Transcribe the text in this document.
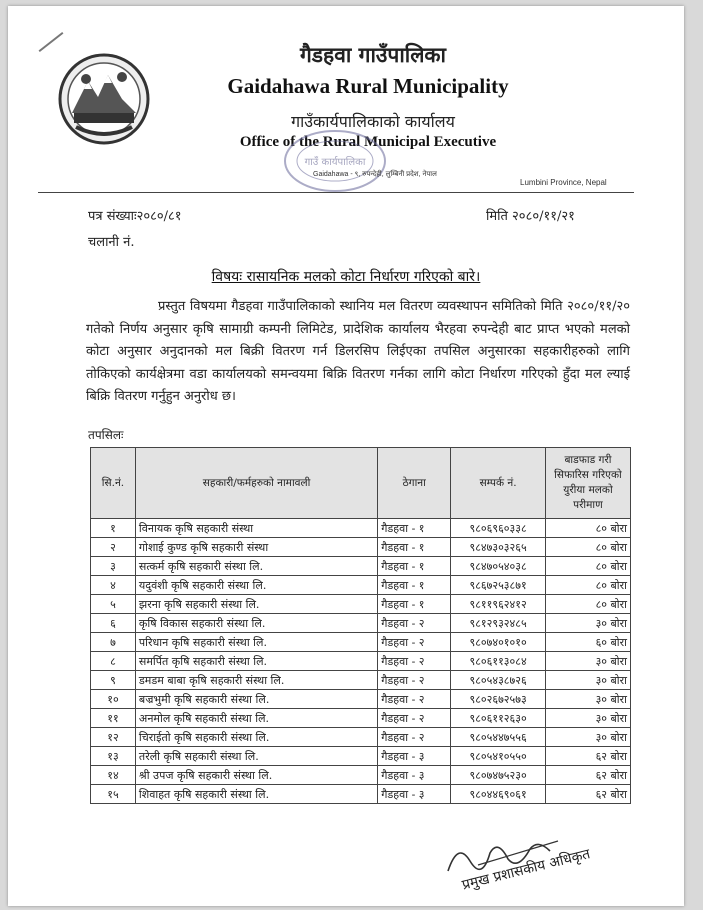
गैडहवा गाउँपालिका
Gaidahawa Rural Municipality
गाउँकार्यपालिकाको कार्यालय
Office of the Rural Municipal Executive
गाउँ कार्यपालिका
Gaidahawa - ९, रुपन्देही, लुम्बिनी प्रदेश, नेपाल
Lumbini Province, Nepal
पत्र संख्याः२०८०/८१
चलानी नं.
मिति २०८०/११/२१
विषयः रासायनिक मलको कोटा निर्धारण गरिएको बारे।
प्रस्तुत विषयमा गैडहवा गाउँपालिकाको स्थानिय मल वितरण व्यवस्थापन समितिको मिति २०८०/११/२० गतेको निर्णय अनुसार कृषि सामाग्री कम्पनी लिमिटेड, प्रादेशिक कार्यालय भैरहवा रुपन्देही बाट प्राप्त भएको मलको कोटा अनुसार अनुदानको मल बिक्री वितरण गर्न डिलरसिप लिईएका तपसिल अनुसारका सहकारीहरुको लागि तोकिएको कार्यक्षेत्रमा वडा कार्यालयको समन्वयमा बिक्रि वितरण गर्नका लागि कोटा निर्धारण गरिएको हुँदा मल ल्याई बिक्रि वितरण गर्नुहुन अनुरोध छ।
तपसिलः
सि.नं.	सहकारी/फर्महरुको नामावली	ठेगाना	सम्पर्क नं.	बाडफाड गरी सिफारिस गरिएको युरीया मलको परीमाण
१	विनायक कृषि सहकारी संस्था	गैडहवा - १	९८०६९६०३३८	८० बोरा
२	गोशाई कुण्ड कृषि सहकारी संस्था	गैडहवा - १	९८४७३०३२६५	८० बोरा
३	सत्कर्म कृषि सहकारी संस्था लि.	गैडहवा - १	९८४७०५४०३८	८० बोरा
४	यदुवंशी कृषि सहकारी संस्था लि.	गैडहवा - १	९८६७२५३८७१	८० बोरा
५	झरना कृषि सहकारी संस्था लि.	गैडहवा - १	९८११९६२४१२	८० बोरा
६	कृषि विकास सहकारी संस्था लि.	गैडहवा - २	९८१२९३२४८५	३० बोरा
७	परिधान कृषि सहकारी संस्था लि.	गैडहवा - २	९८०७४०१०१०	६० बोरा
८	समर्पित कृषि सहकारी संस्था लि.	गैडहवा - २	९८०६११३०८४	३० बोरा
९	डमडम बाबा कृषि सहकारी संस्था लि.	गैडहवा - २	९८०५४३८७२६	३० बोरा
१०	बज्रभुमी कृषि सहकारी संस्था लि.	गैडहवा - २	९८०२६७२५७३	३० बोरा
११	अनमोल कृषि सहकारी संस्था लि.	गैडहवा - २	९८०६११२६३०	३० बोरा
१२	चिराईतो कृषि सहकारी संस्था लि.	गैडहवा - २	९८०५४४७५५६	३० बोरा
१३	तरेली कृषि सहकारी संस्था लि.	गैडहवा - ३	९८०५४१०५५०	६२ बोरा
१४	श्री उपज कृषि सहकारी संस्था लि.	गैडहवा - ३	९८०७४७५२३०	६२ बोरा
१५	शिवाहत कृषि सहकारी संस्था लि.	गैडहवा - ३	९८०४४६९०६१	६२ बोरा
प्रमुख प्रशासकीय अधिकृत
